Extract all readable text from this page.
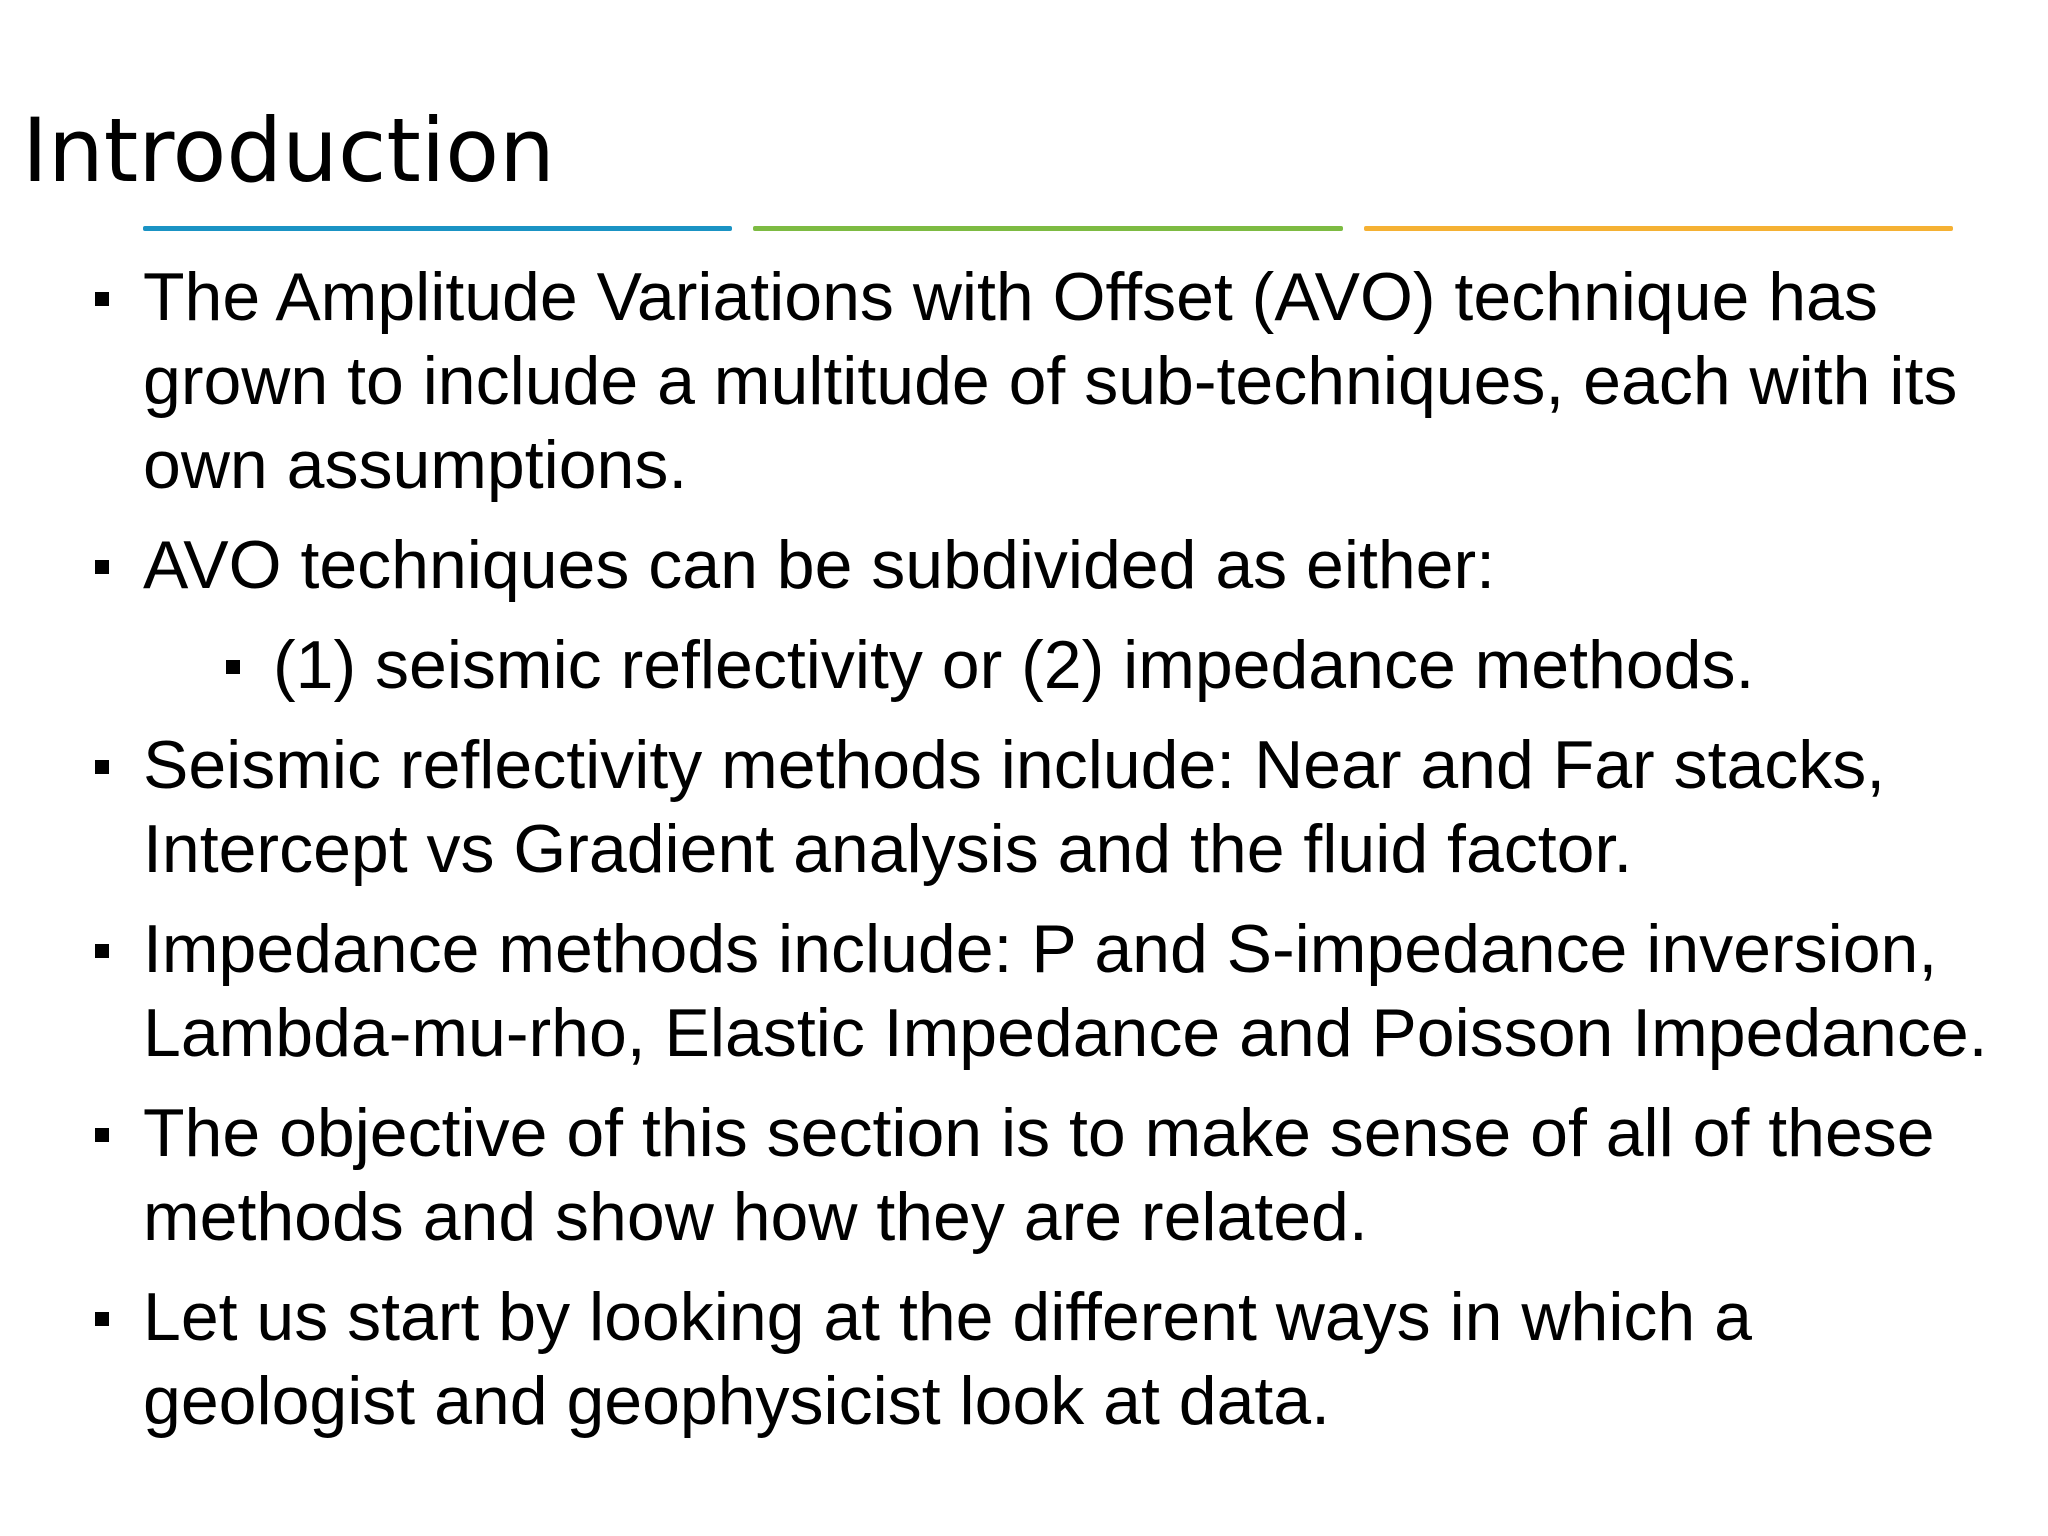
Introduction
The Amplitude Variations with Offset (AVO) technique has grown to include a multitude of sub-techniques, each with its own assumptions.
AVO techniques can be subdivided as either:
(1) seismic reflectivity or (2) impedance methods.
Seismic reflectivity methods include: Near and Far stacks, Intercept vs Gradient analysis and the fluid factor.
Impedance methods include: P and S-impedance inversion, Lambda-mu-rho, Elastic Impedance and Poisson Impedance.
The objective of this section is to make sense of all of these methods and show how they are related.
Let us start by looking at the different ways in which a geologist and geophysicist look at data.
